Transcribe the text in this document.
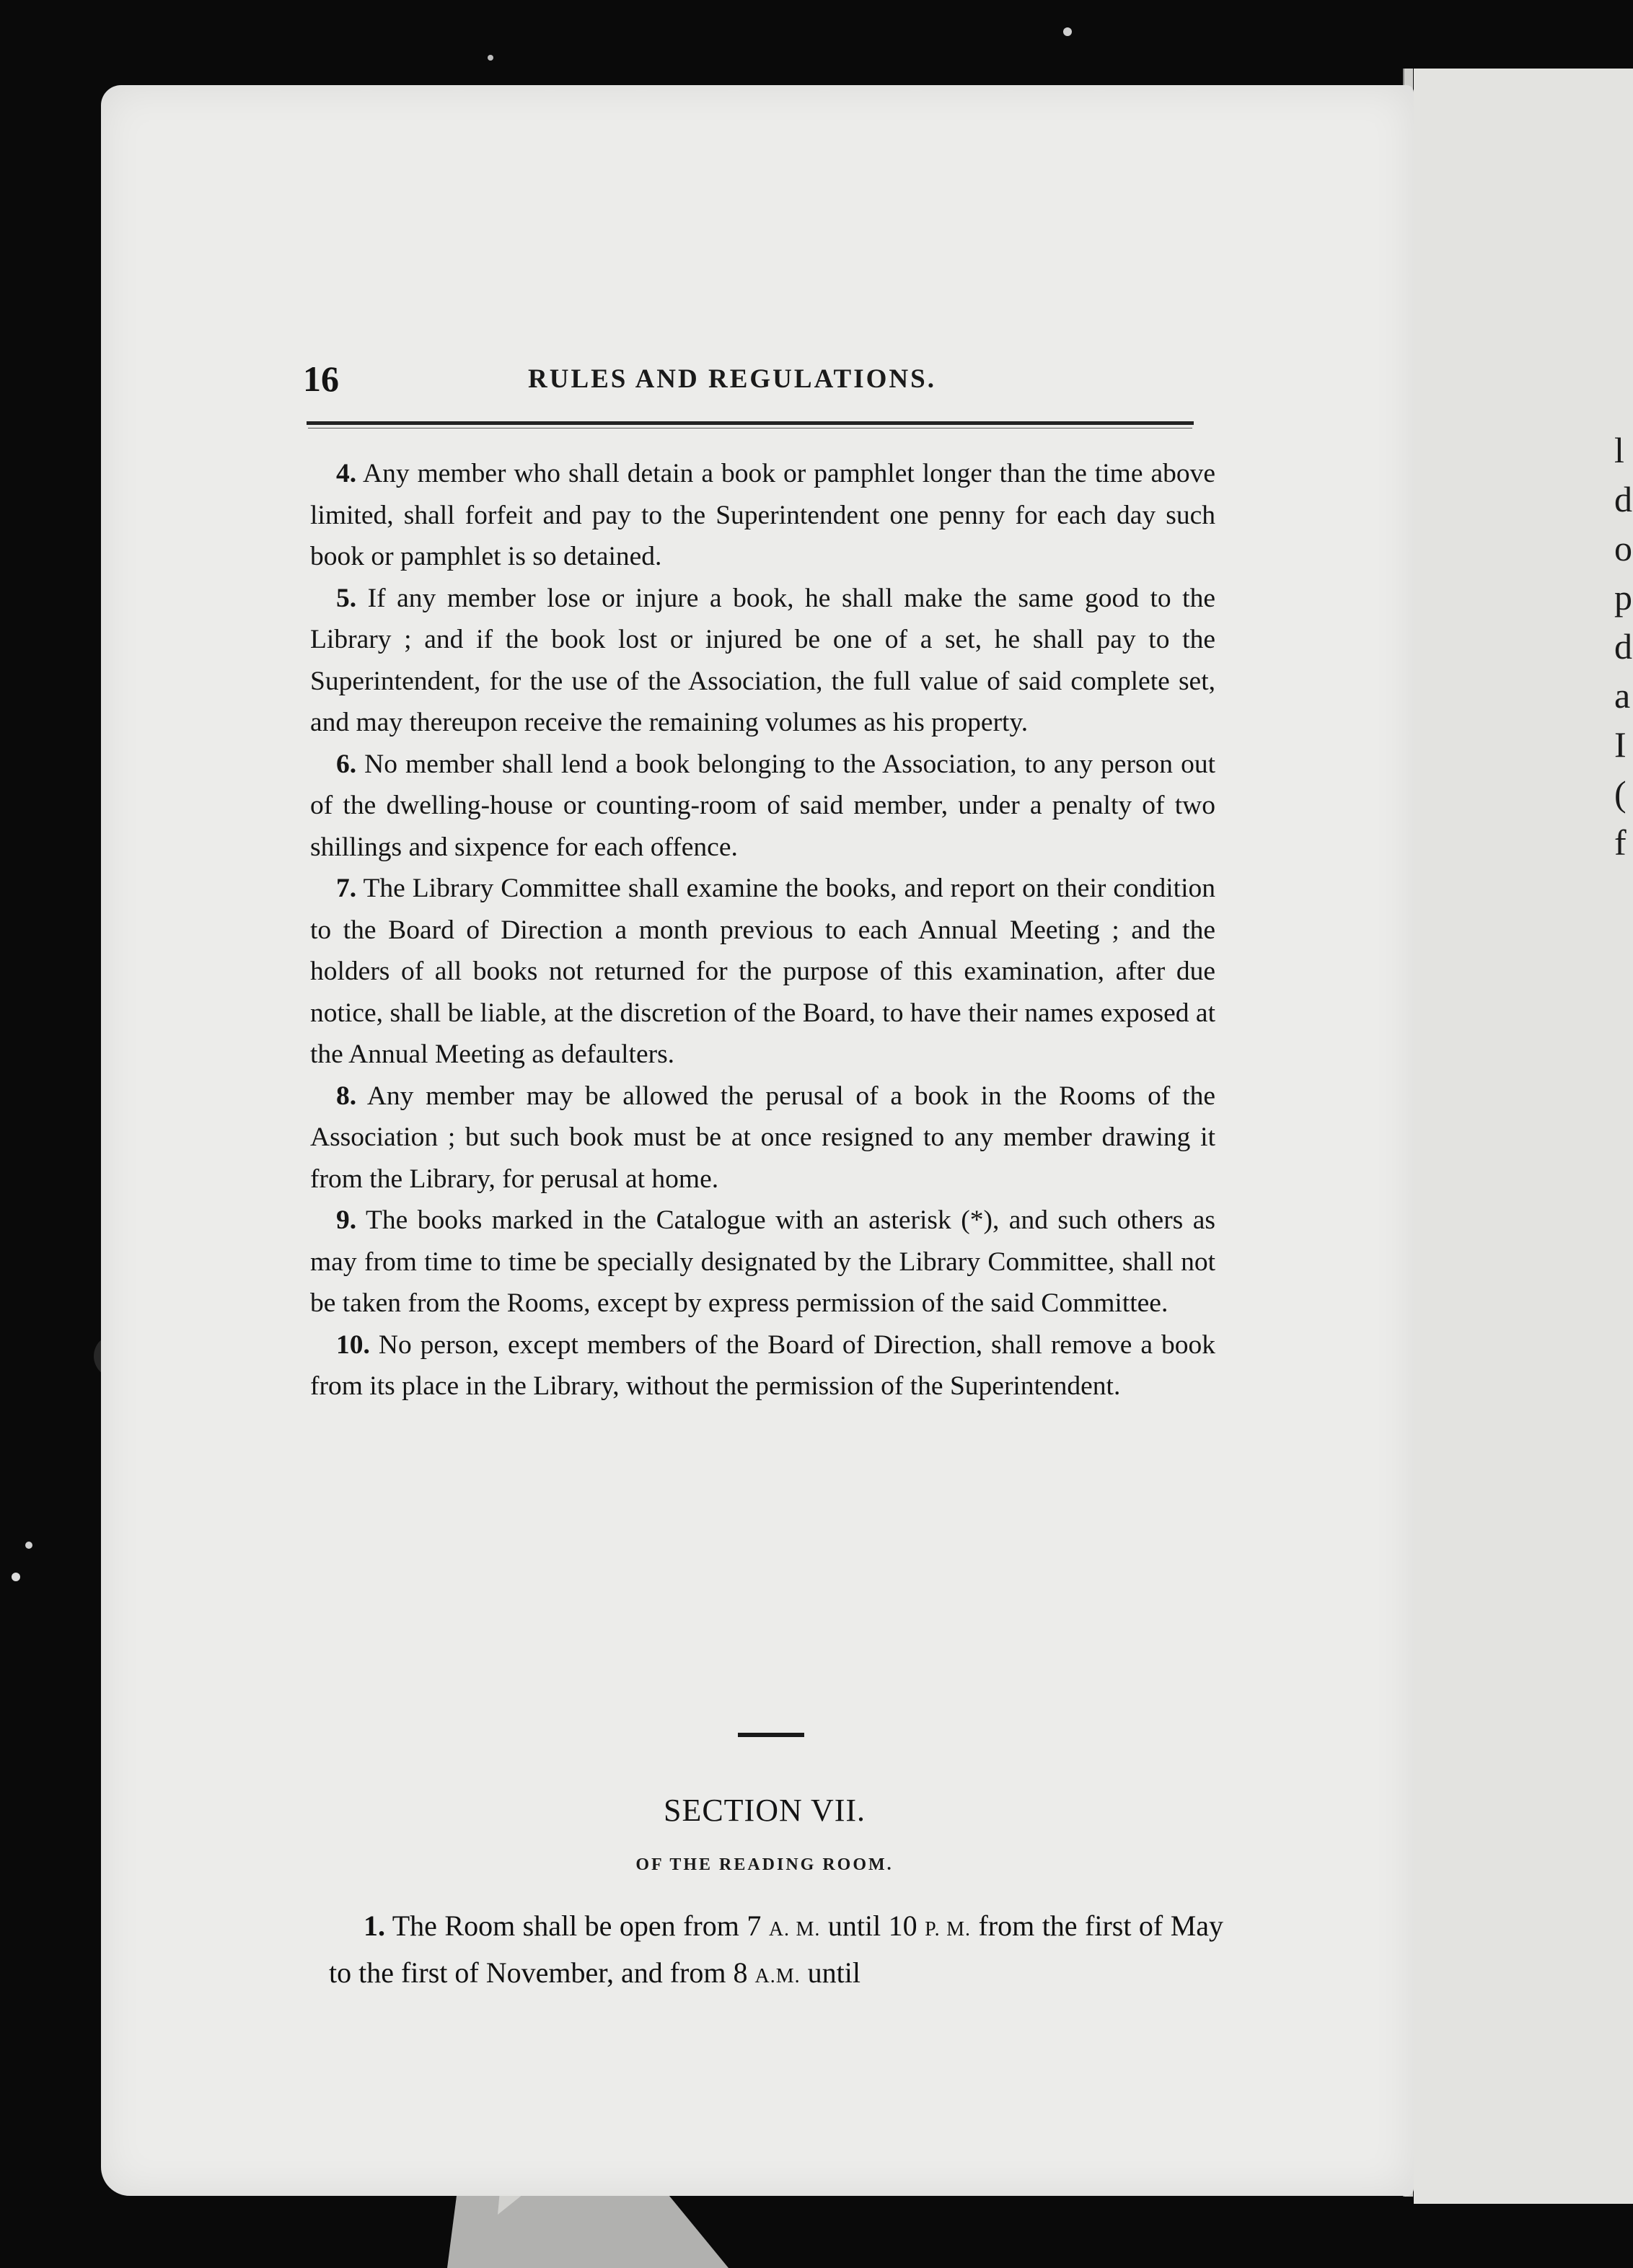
l
d
o
p
d
a
I
(
f
16	RULES AND REGULATIONS.

4. Any member who shall detain a book or pamphlet longer than the time above limited, shall forfeit and pay to the Superintendent one penny for each day such book or pamphlet is so detained.

5. If any member lose or injure a book, he shall make the same good to the Library ; and if the book lost or injured be one of a set, he shall pay to the Superintendent, for the use of the Association, the full value of said complete set, and may thereupon receive the remaining volumes as his property.

6. No member shall lend a book belonging to the Association, to any person out of the dwelling-house or counting-room of said member, under a penalty of two shillings and sixpence for each offence.

7. The Library Committee shall examine the books, and report on their condition to the Board of Direction a month previous to each Annual Meeting ; and the holders of all books not returned for the purpose of this examination, after due notice, shall be liable, at the discretion of the Board, to have their names exposed at the Annual Meeting as defaulters.

8. Any member may be allowed the perusal of a book in the Rooms of the Association ; but such book must be at once resigned to any member drawing it from the Library, for perusal at home.

9. The books marked in the Catalogue with an asterisk (*), and such others as may from time to time be specially designated by the Library Committee, shall not be taken from the Rooms, except by express permission of the said Committee.

10. No person, except members of the Board of Direction, shall remove a book from its place in the Library, without the permission of the Superintendent.

SECTION VII.
OF THE READING ROOM.

1. The Room shall be open from 7 A. M. until 10 P. M. from the first of May to the first of November, and from 8 A.M. until
